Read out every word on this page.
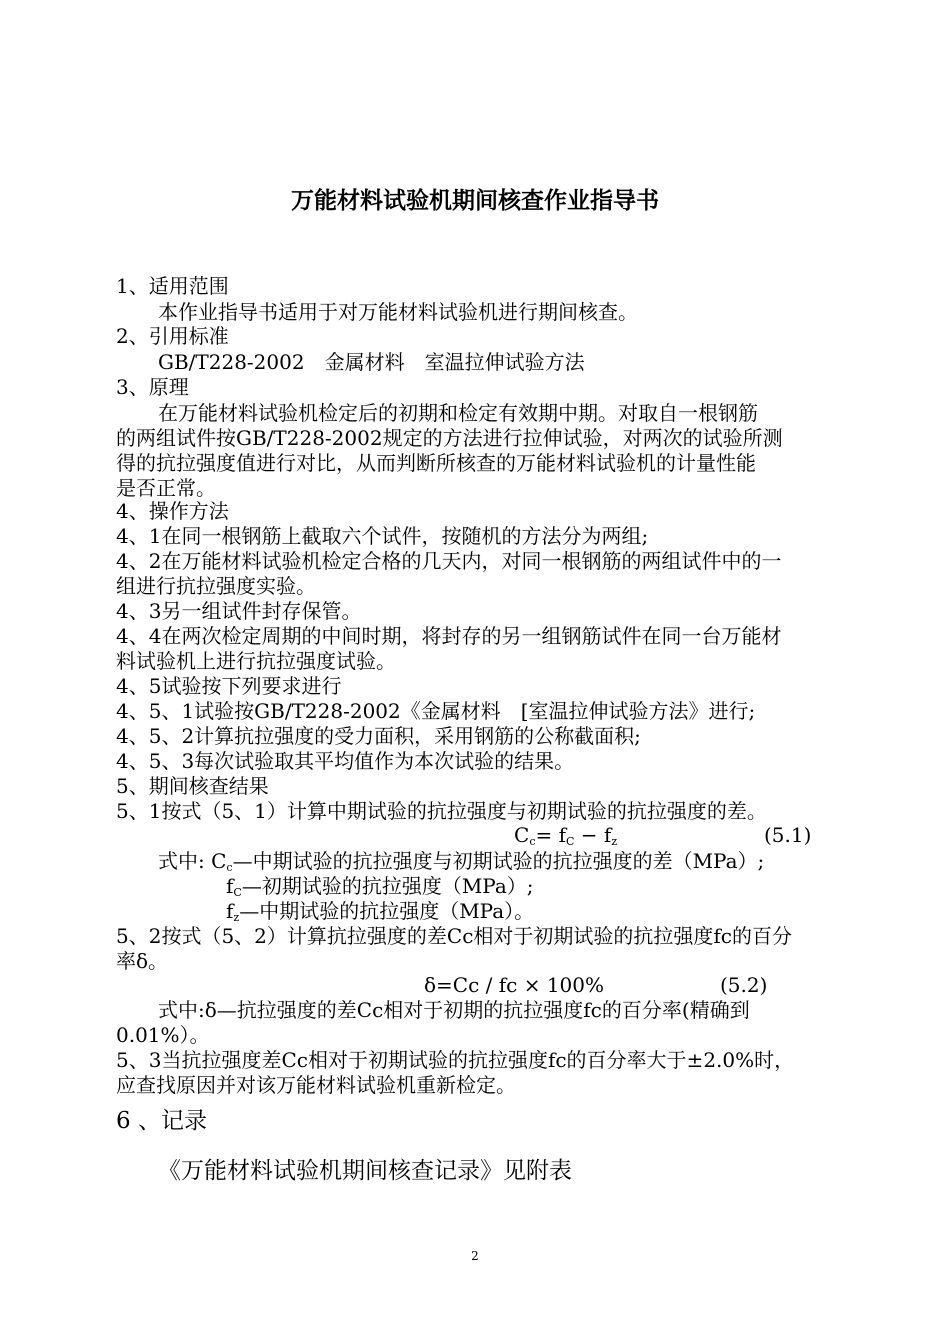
万能材料试验机期间核查作业指导书

1、适用范围

本作业指导书适用于对万能材料试验机进行期间核查。

2、引用标准

GB/T228-2002　金属材料　室温拉伸试验方法

3、原理

在万能材料试验机检定后的初期和检定有效期中期。对取自一根钢筋

的两组试件按GB/T228-2002规定的方法进行拉伸试验，对两次的试验所测

得的抗拉强度值进行对比，从而判断所核查的万能材料试验机的计量性能

是否正常。

4、操作方法

4、1在同一根钢筋上截取六个试件，按随机的方法分为两组;

4、2在万能材料试验机检定合格的几天内，对同一根钢筋的两组试件中的一

组进行抗拉强度实验。

4、3另一组试件封存保管。

4、4在两次检定周期的中间时期，将封存的另一组钢筋试件在同一台万能材

料试验机上进行抗拉强度试验。

4、5试验按下列要求进行

4、5、1试验按GB/T228-2002《金属材料　[室温拉伸试验方法》进行;

4、5、2计算抗拉强度的受力面积，采用钢筋的公称截面积;

4、5、3每次试验取其平均值作为本次试验的结果。

5、期间核查结果

5、1按式（5、1）计算中期试验的抗拉强度与初期试验的抗拉强度的差。

$C_c= f_C - f_z$	(5.1)

式中: $C_c—$中期试验的抗拉强度与初期试验的抗拉强度的差（MPa）;

$f_C—$初期试验的抗拉强度（MPa）;

$f_z—$中期试验的抗拉强度（MPa）。

5、2按式（5、2）计算抗拉强度的差Cc相对于初期试验的抗拉强度fc的百分

率δ。

δ=Cc / fc × 100%	(5.2)

式中:δ—抗拉强度的差Cc相对于初期的抗拉强度fc的百分率(精确到

0.01%）。

5、3当抗拉强度差Cc相对于初期试验的抗拉强度fc的百分率大于±2.0%时，

应查找原因并对该万能材料试验机重新检定。

6 、记录

《万能材料试验机期间核查记录》见附表

2
